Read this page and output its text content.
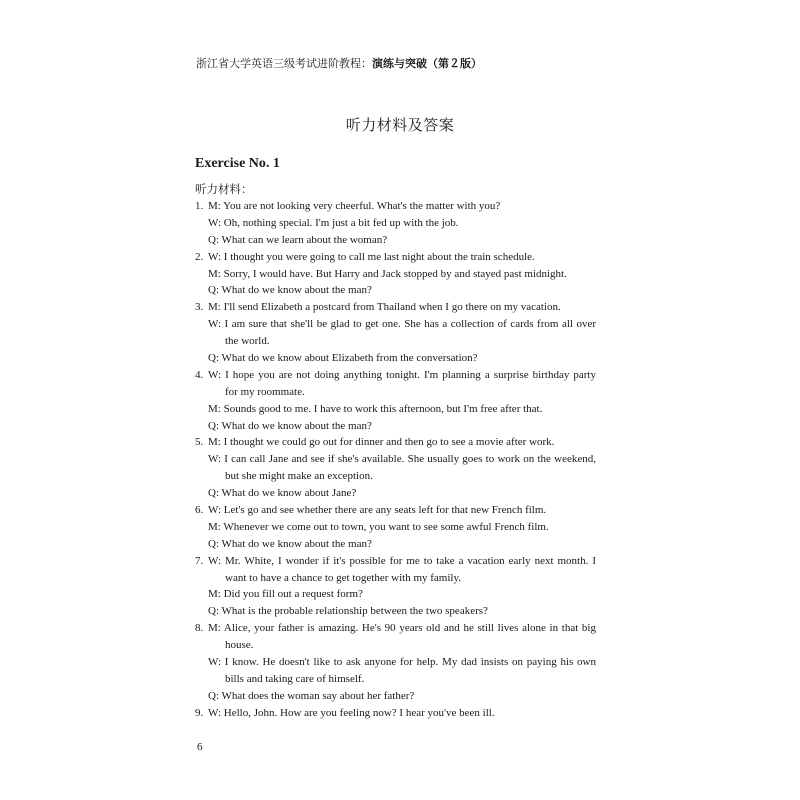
浙江省大学英语三级考试进阶教程：演练与突破（第２版）
听力材料及答案
Exercise No. 1
听力材料：
1. M: You are not looking very cheerful. What's the matter with you?
W: Oh, nothing special. I'm just a bit fed up with the job.
Q: What can we learn about the woman?
2. W: I thought you were going to call me last night about the train schedule.
M: Sorry, I would have. But Harry and Jack stopped by and stayed past midnight.
Q: What do we know about the man?
3. M: I'll send Elizabeth a postcard from Thailand when I go there on my vacation.
W: I am sure that she'll be glad to get one. She has a collection of cards from all over
the world.
Q: What do we know about Elizabeth from the conversation?
4. W: I hope you are not doing anything tonight. I'm planning a surprise birthday party
for my roommate.
M: Sounds good to me. I have to work this afternoon, but I'm free after that.
Q: What do we know about the man?
5. M: I thought we could go out for dinner and then go to see a movie after work.
W: I can call Jane and see if she's available. She usually goes to work on the weekend,
but she might make an exception.
Q: What do we know about Jane?
6. W: Let's go and see whether there are any seats left for that new French film.
M: Whenever we come out to town, you want to see some awful French film.
Q: What do we know about the man?
7. W: Mr. White, I wonder if it's possible for me to take a vacation early next month. I
want to have a chance to get together with my family.
M: Did you fill out a request form?
Q: What is the probable relationship between the two speakers?
8. M: Alice, your father is amazing. He's 90 years old and he still lives alone in that big
house.
W: I know. He doesn't like to ask anyone for help. My dad insists on paying his own
bills and taking care of himself.
Q: What does the woman say about her father?
9. W: Hello, John. How are you feeling now? I hear you've been ill.
6
